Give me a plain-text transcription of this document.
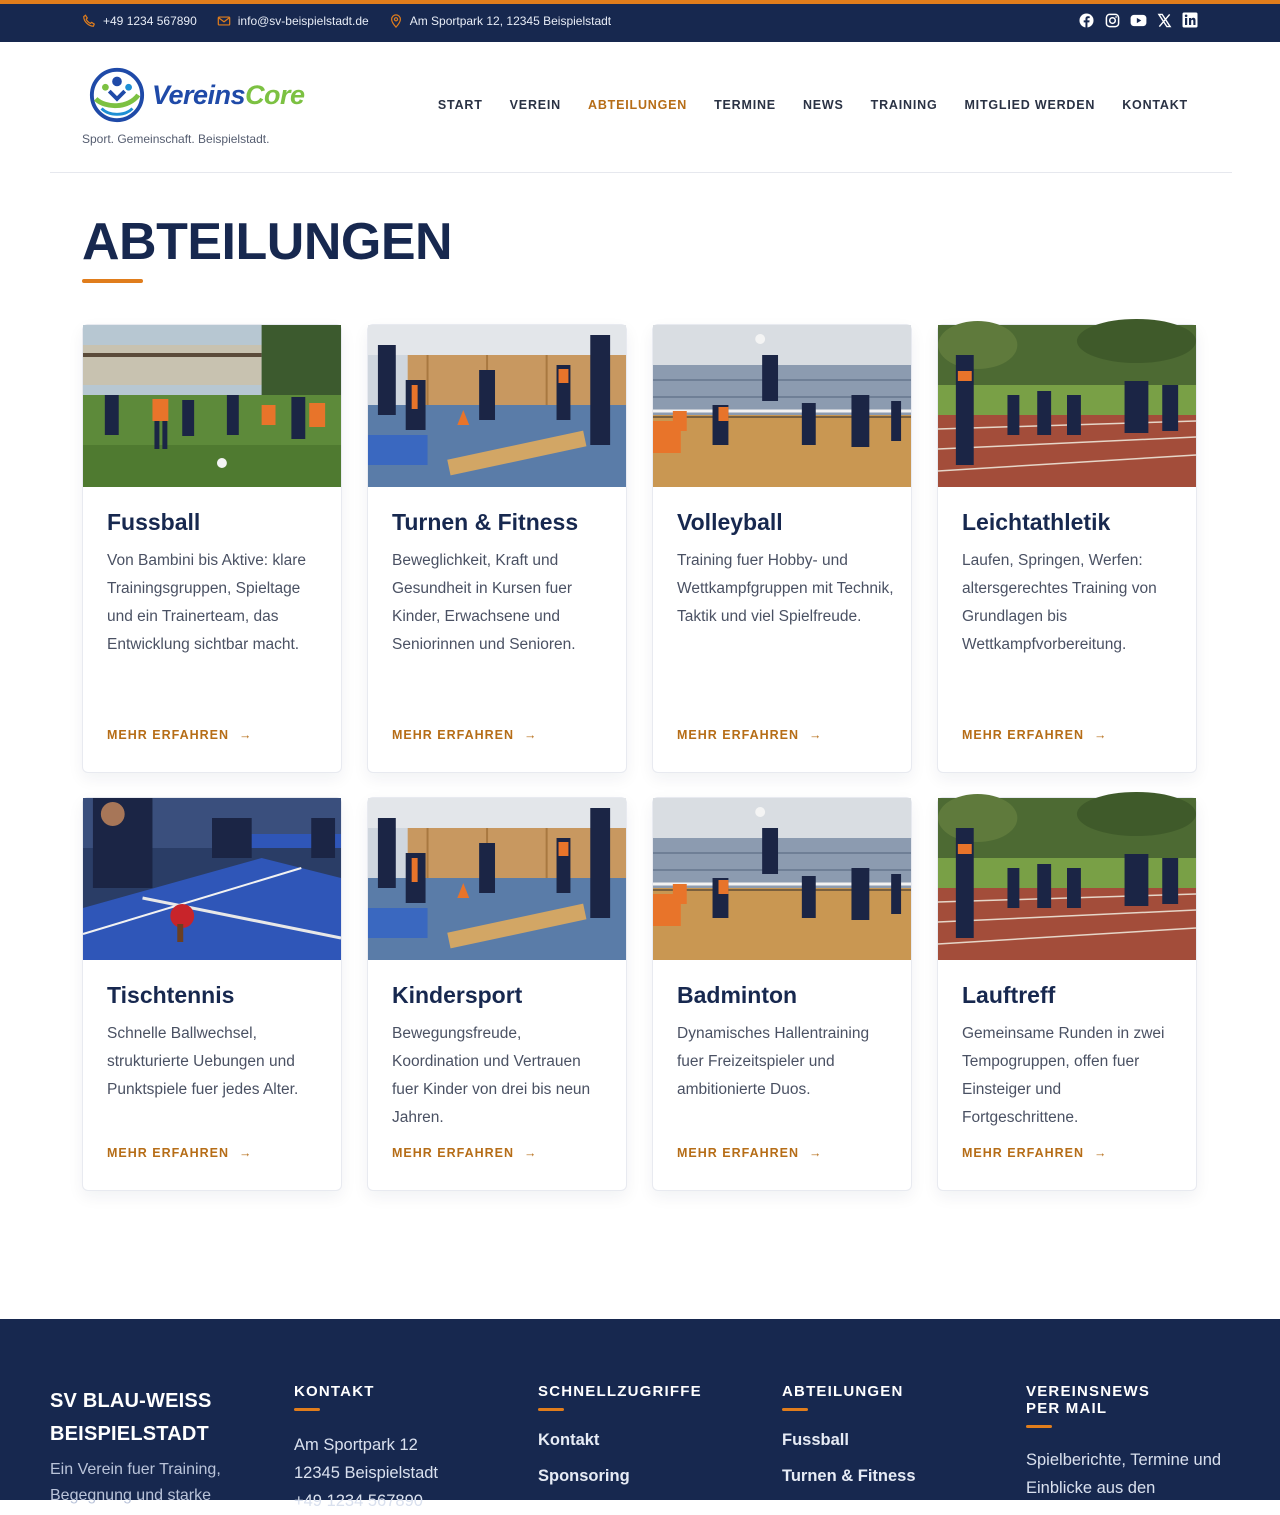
+49 1234 567890	info@sv-beispielstadt.de	Am Sportpark 12, 12345 Beispielstadt
VereinsCore
Sport. Gemeinschaft. Beispielstadt.
START VEREIN ABTEILUNGEN TERMINE NEWS TRAINING MITGLIED WERDEN KONTAKT
ABTEILUNGEN
Fussball

Von Bambini bis Aktive: klare Trainingsgruppen, Spieltage und ein Trainerteam, das Entwicklung sichtbar macht.

MEHR ERFAHREN →
Turnen & Fitness

Beweglichkeit, Kraft und Gesundheit in Kursen fuer Kinder, Erwachsene und Seniorinnen und Senioren.

MEHR ERFAHREN →
Volleyball

Training fuer Hobby- und Wettkampfgruppen mit Technik, Taktik und viel Spielfreude.

MEHR ERFAHREN →
Leichtathletik

Laufen, Springen, Werfen: altersgerechtes Training von Grundlagen bis Wettkampfvorbereitung.

MEHR ERFAHREN →
Tischtennis

Schnelle Ballwechsel, strukturierte Uebungen und Punktspiele fuer jedes Alter.

MEHR ERFAHREN →
Kindersport

Bewegungsfreude, Koordination und Vertrauen fuer Kinder von drei bis neun Jahren.

MEHR ERFAHREN →
Badminton

Dynamisches Hallentraining fuer Freizeitspieler und ambitionierte Duos.

MEHR ERFAHREN →
Lauftreff

Gemeinsame Runden in zwei Tempogruppen, offen fuer Einsteiger und Fortgeschrittene.

MEHR ERFAHREN →
SV BLAU-WEISS
BEISPIELSTADT
Ein Verein fuer Training, Begegnung und starke
KONTAKT
Am Sportpark 12
12345 Beispielstadt
+49 1234 567890
SCHNELLZUGRIFFE
Kontakt
Sponsoring
ABTEILUNGEN
Fussball
Turnen & Fitness
VEREINSNEWS
PER MAIL
Spielberichte, Termine und Einblicke aus den
